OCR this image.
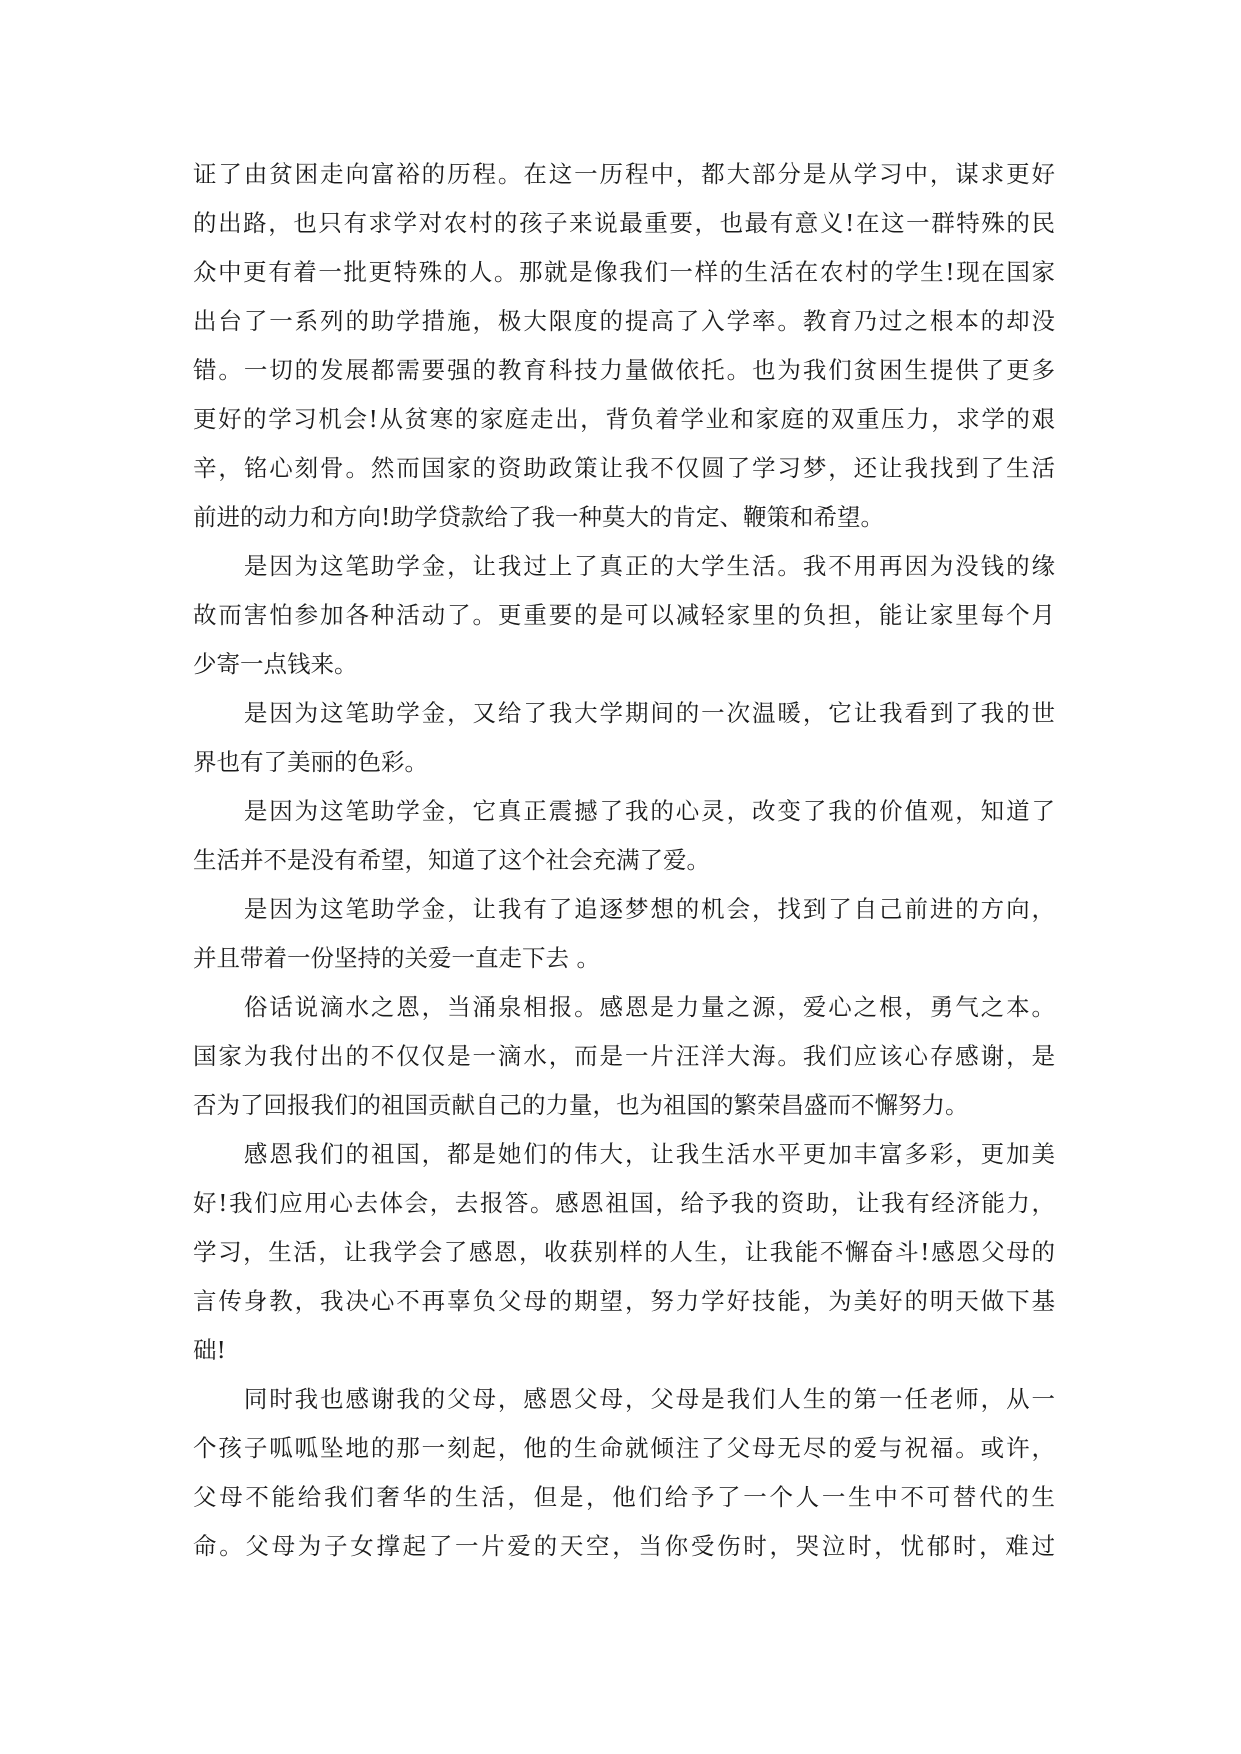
证了由贫困走向富裕的历程。在这一历程中，都大部分是从学习中，谋求更好
的出路，也只有求学对农村的孩子来说最重要，也最有意义!在这一群特殊的民
众中更有着一批更特殊的人。那就是像我们一样的生活在农村的学生!现在国家
出台了一系列的助学措施，极大限度的提高了入学率。教育乃过之根本的却没
错。一切的发展都需要强的教育科技力量做依托。也为我们贫困生提供了更多
更好的学习机会!从贫寒的家庭走出，背负着学业和家庭的双重压力，求学的艰
辛，铭心刻骨。然而国家的资助政策让我不仅圆了学习梦，还让我找到了生活
前进的动力和方向!助学贷款给了我一种莫大的肯定、鞭策和希望。
　　是因为这笔助学金，让我过上了真正的大学生活。我不用再因为没钱的缘
故而害怕参加各种活动了。更重要的是可以减轻家里的负担，能让家里每个月
少寄一点钱来。
　　是因为这笔助学金，又给了我大学期间的一次温暖，它让我看到了我的世
界也有了美丽的色彩。
　　是因为这笔助学金，它真正震撼了我的心灵，改变了我的价值观，知道了
生活并不是没有希望，知道了这个社会充满了爱。
　　是因为这笔助学金，让我有了追逐梦想的机会，找到了自己前进的方向，
并且带着一份坚持的关爱一直走下去 。
　　俗话说滴水之恩，当涌泉相报。感恩是力量之源，爱心之根，勇气之本。
国家为我付出的不仅仅是一滴水，而是一片汪洋大海。我们应该心存感谢，是
否为了回报我们的祖国贡献自己的力量，也为祖国的繁荣昌盛而不懈努力。
　　感恩我们的祖国，都是她们的伟大，让我生活水平更加丰富多彩，更加美
好!我们应用心去体会，去报答。感恩祖国，给予我的资助，让我有经济能力，
学习，生活，让我学会了感恩，收获别样的人生，让我能不懈奋斗!感恩父母的
言传身教，我决心不再辜负父母的期望，努力学好技能，为美好的明天做下基
础!
　　同时我也感谢我的父母，感恩父母，父母是我们人生的第一任老师，从一
个孩子呱呱坠地的那一刻起，他的生命就倾注了父母无尽的爱与祝福。或许，
父母不能给我们奢华的生活，但是，他们给予了一个人一生中不可替代的生
命。父母为子女撑起了一片爱的天空，当你受伤时，哭泣时，忧郁时，难过
